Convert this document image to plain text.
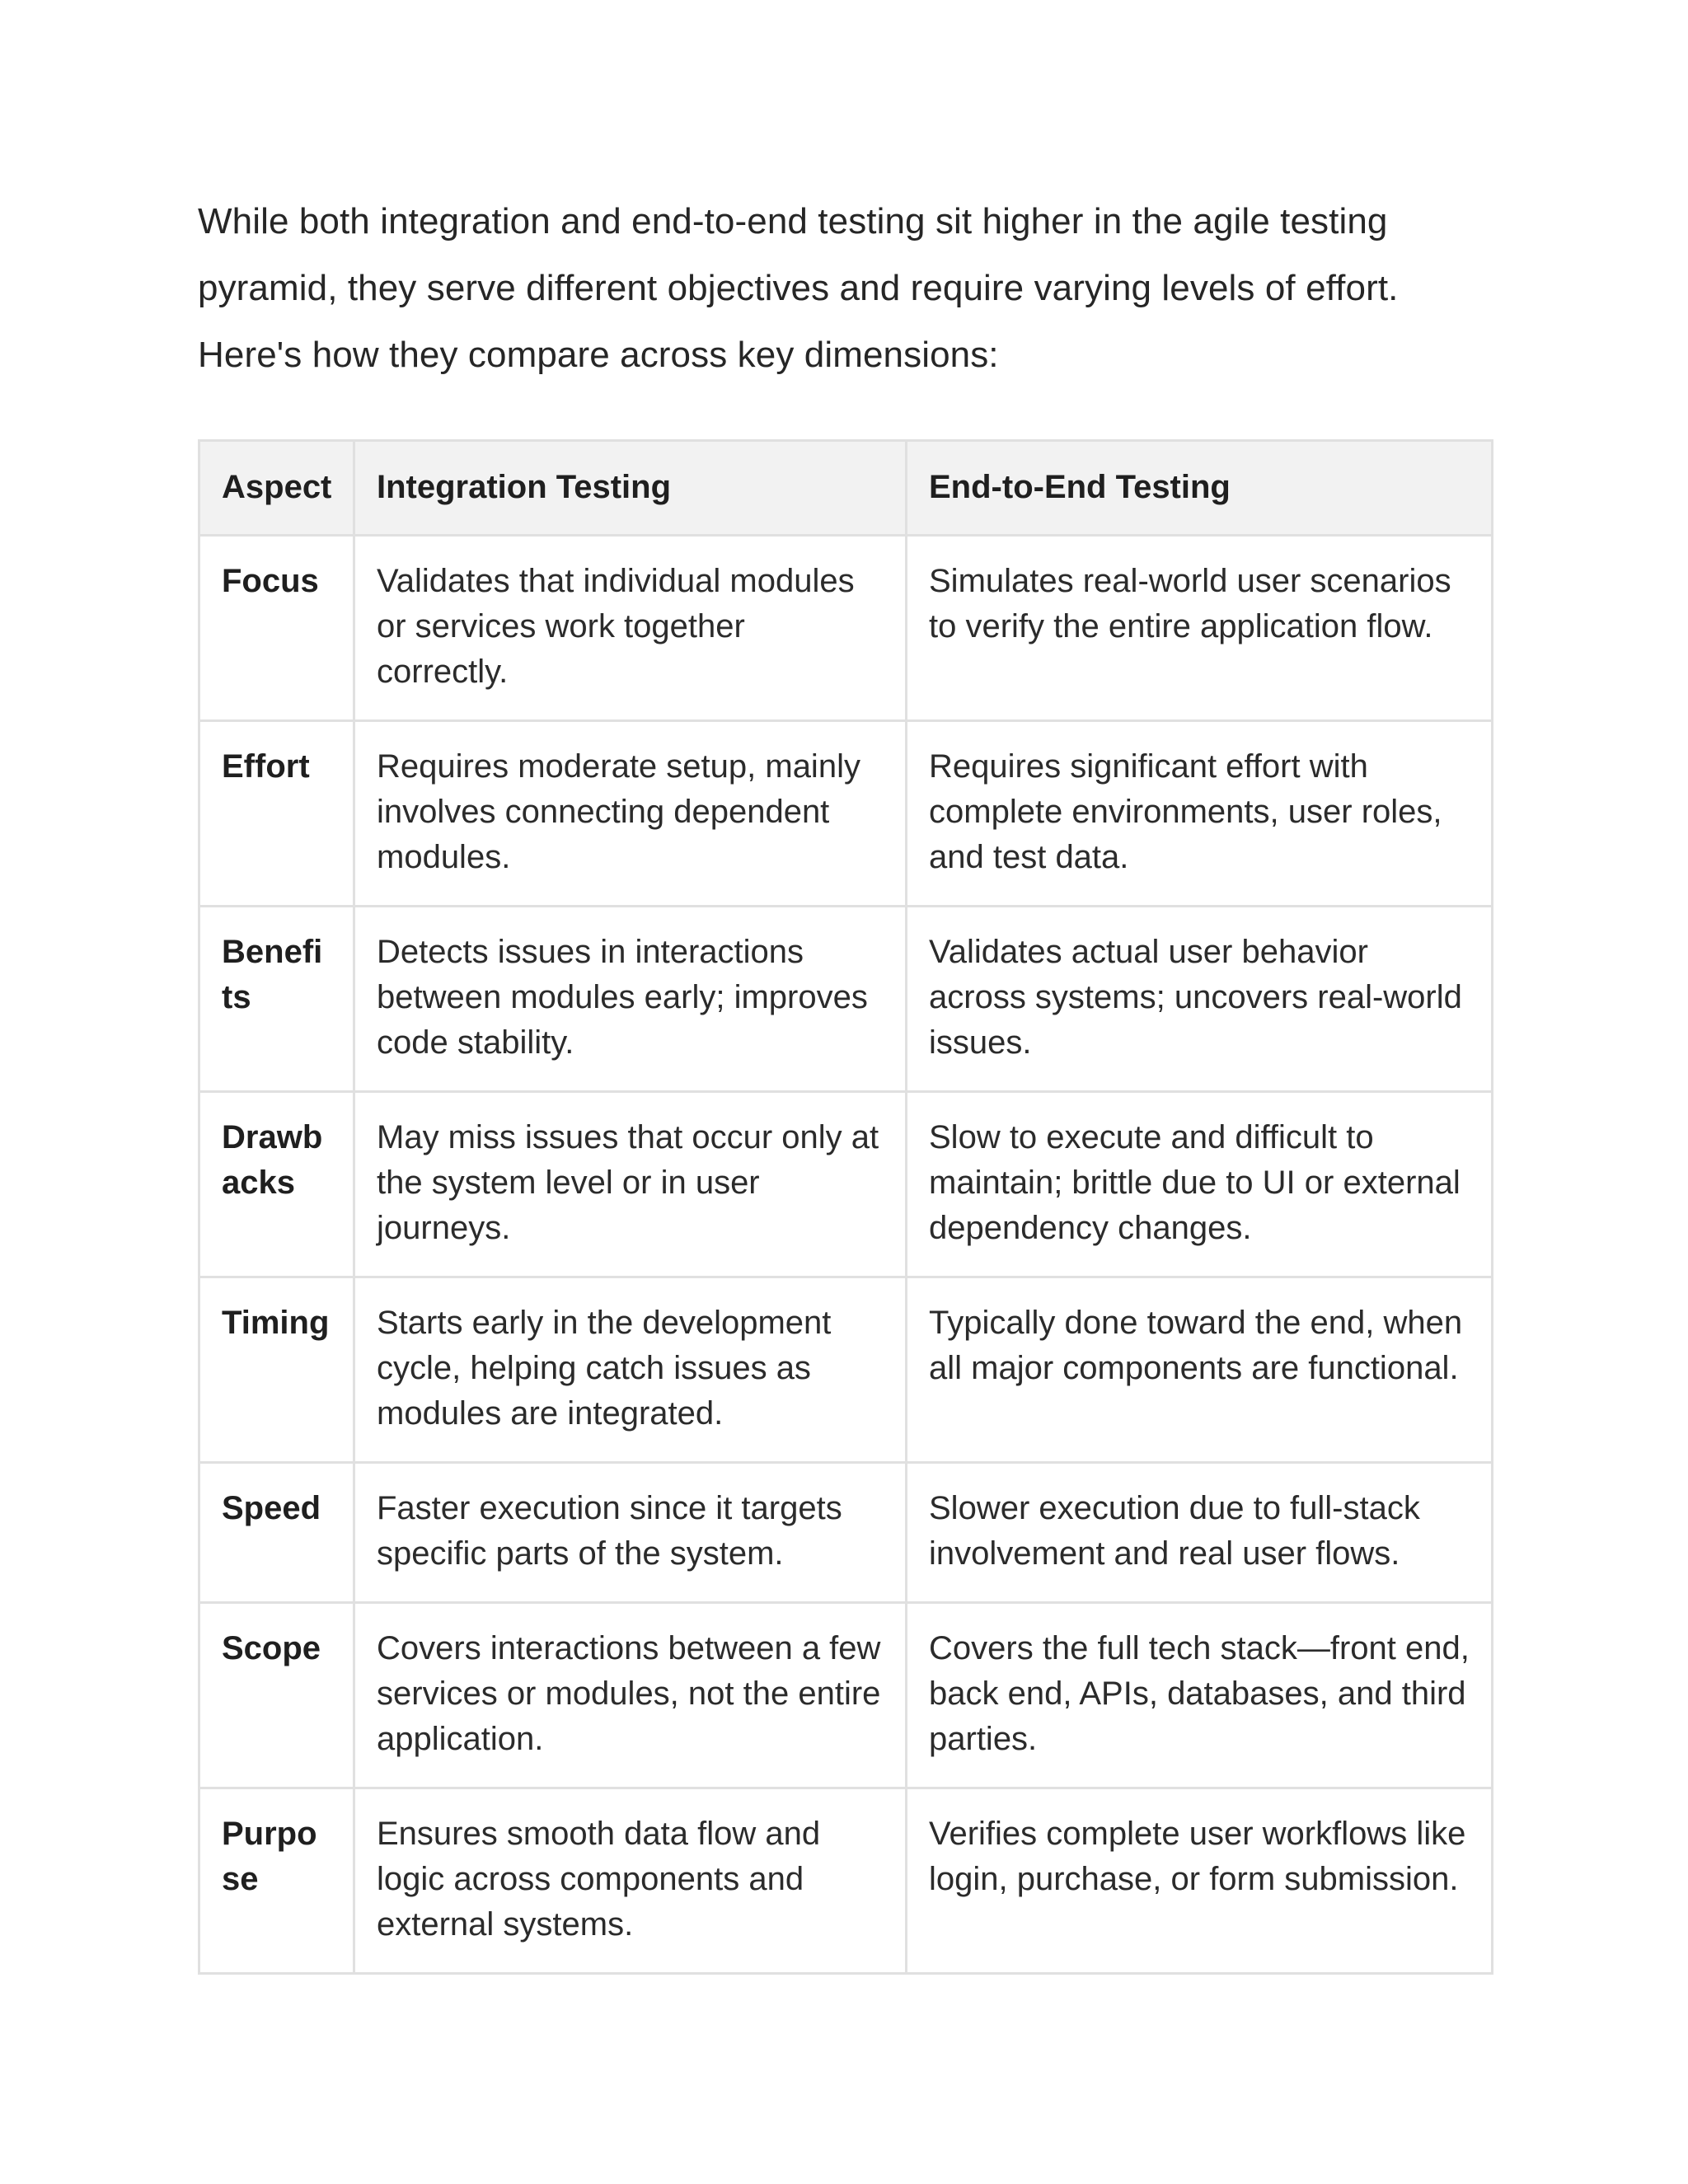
While both integration and end-to-end testing sit higher in the agile testing pyramid, they serve different objectives and require varying levels of effort. Here's how they compare across key dimensions:

Aspect	Integration Testing	End-to-End Testing
Focus	Validates that individual modules or services work together correctly.	Simulates real-world user scenarios to verify the entire application flow.
Effort	Requires moderate setup, mainly involves connecting dependent modules.	Requires significant effort with complete environments, user roles, and test data.
Benefits	Detects issues in interactions between modules early; improves code stability.	Validates actual user behavior across systems; uncovers real-world issues.
Drawbacks	May miss issues that occur only at the system level or in user journeys.	Slow to execute and difficult to maintain; brittle due to UI or external dependency changes.
Timing	Starts early in the development cycle, helping catch issues as modules are integrated.	Typically done toward the end, when all major components are functional.
Speed	Faster execution since it targets specific parts of the system.	Slower execution due to full-stack involvement and real user flows.
Scope	Covers interactions between a few services or modules, not the entire application.	Covers the full tech stack—front end, back end, APIs, databases, and third parties.
Purpose	Ensures smooth data flow and logic across components and external systems.	Verifies complete user workflows like login, purchase, or form submission.
